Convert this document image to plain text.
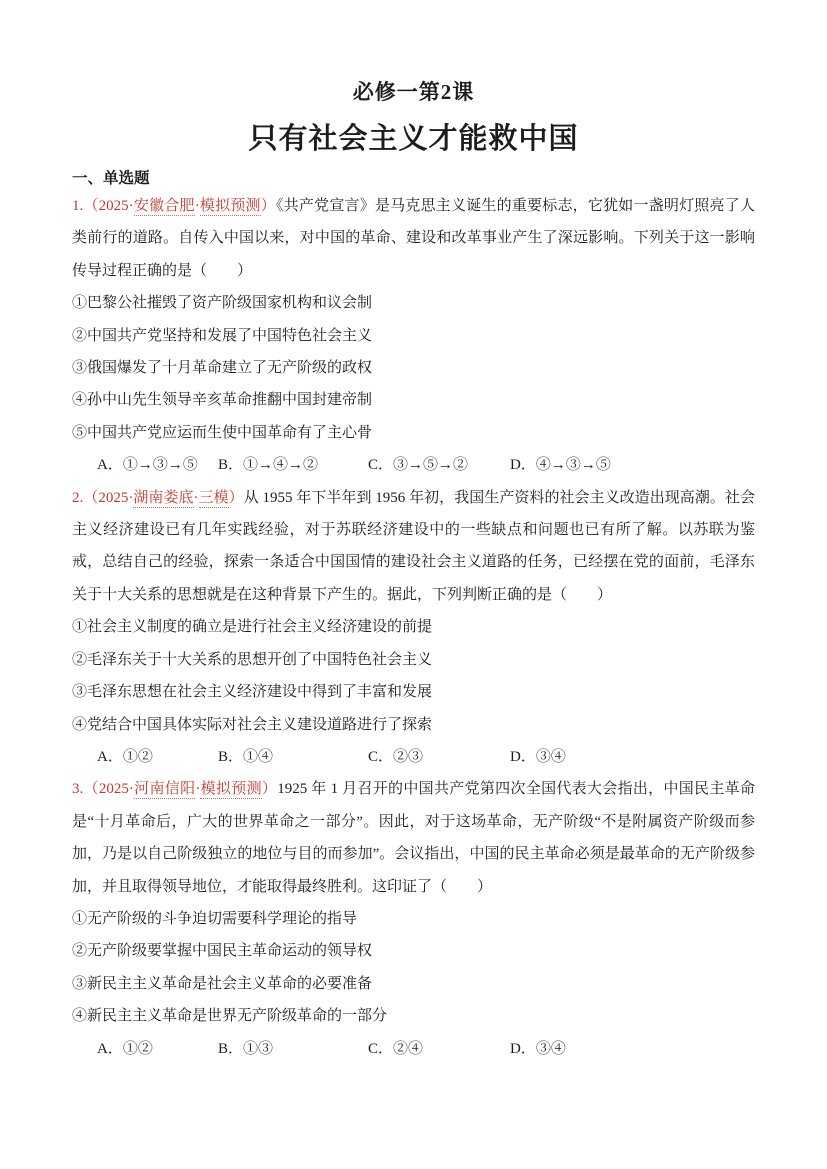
必修一第2课
只有社会主义才能救中国
一、单选题

1.（2025·安徽合肥·模拟预测）《共产党宣言》是马克思主义诞生的重要标志，它犹如一盏明灯照亮了人类前行的道路。自传入中国以来，对中国的革命、建设和改革事业产生了深远影响。下列关于这一影响传导过程正确的是（　　）

①巴黎公社摧毁了资产阶级国家机构和议会制

②中国共产党坚持和发展了中国特色社会主义

③俄国爆发了十月革命建立了无产阶级的政权

④孙中山先生领导辛亥革命推翻中国封建帝制

⑤中国共产党应运而生使中国革命有了主心骨

A．①→③→⑤ B．①→④→②	C．③→⑤→②	D．④→③→⑤

2.（2025·湖南娄底·三模）从 1955 年下半年到 1956 年初，我国生产资料的社会主义改造出现高潮。社会主义经济建设已有几年实践经验，对于苏联经济建设中的一些缺点和问题也已有所了解。以苏联为鉴戒，总结自己的经验，探索一条适合中国国情的建设社会主义道路的任务，已经摆在党的面前，毛泽东关于十大关系的思想就是在这种背景下产生的。据此，下列判断正确的是（　　）

①社会主义制度的确立是进行社会主义经济建设的前提

②毛泽东关于十大关系的思想开创了中国特色社会主义

③毛泽东思想在社会主义经济建设中得到了丰富和发展

④党结合中国具体实际对社会主义建设道路进行了探索

A．①②	B．①④	C．②③	D．③④

3.（2025·河南信阳·模拟预测）1925 年 1 月召开的中国共产党第四次全国代表大会指出，中国民主革命是“十月革命后，广大的世界革命之一部分”。因此，对于这场革命，无产阶级“不是附属资产阶级而参加，乃是以自己阶级独立的地位与目的而参加”。会议指出，中国的民主革命必须是最革命的无产阶级参加，并且取得领导地位，才能取得最终胜利。这印证了（　　）

①无产阶级的斗争迫切需要科学理论的指导

②无产阶级要掌握中国民主革命运动的领导权

③新民主主义革命是社会主义革命的必要准备

④新民主主义革命是世界无产阶级革命的一部分

A．①②	B．①③	C．②④	D．③④
